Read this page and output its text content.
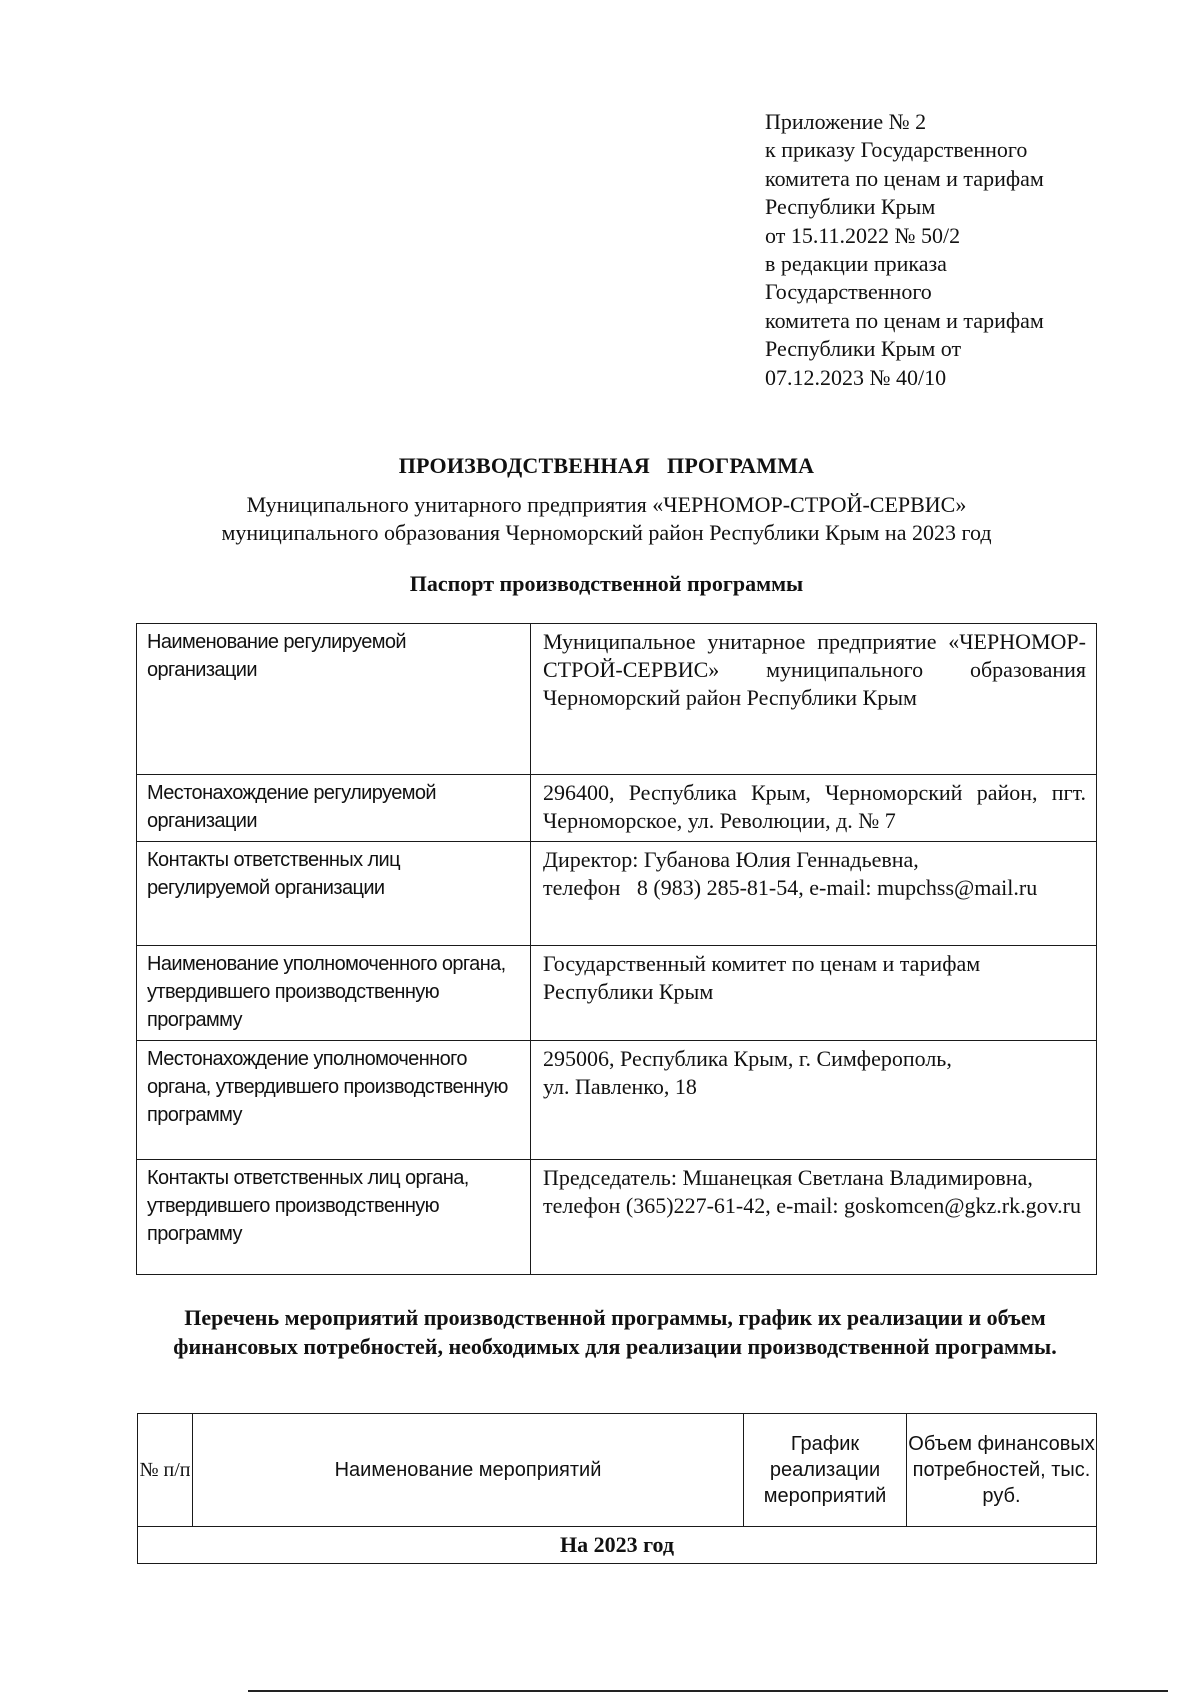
Приложение № 2
к приказу Государственного
комитета по ценам и тарифам
Республики Крым
от 15.11.2022 № 50/2
в редакции приказа
Государственного
комитета по ценам и тарифам
Республики Крым от
07.12.2023 № 40/10
ПРОИЗВОДСТВЕННАЯ   ПРОГРАММА
Муниципального унитарного предприятия «ЧЕРНОМОР-СТРОЙ-СЕРВИС»
муниципального образования Черноморский район Республики Крым на 2023 год
Паспорт производственной программы
Наименование регулируемой организации	Муниципальное унитарное предприятие «ЧЕРНОМОР-СТРОЙ-СЕРВИС» муниципального образования Черноморский район Республики Крым
Местонахождение регулируемой организации	296400, Республика Крым, Черноморский район, пгт. Черноморское, ул. Революции, д. № 7
Контакты ответственных лиц регулируемой организации	Директор: Губанова Юлия Геннадьевна,
телефон   8 (983) 285-81-54, e-mail: mupchss@mail.ru

Наименование уполномоченного органа, утвердившего производственную программу	Государственный комитет по ценам и тарифам Республики Крым
Местонахождение уполномоченного органа, утвердившего производственную программу	295006, Республика Крым, г. Симферополь,
ул. Павленко, 18

Контакты ответственных лиц органа, утвердившего производственную программу	Председатель: Мшанецкая Светлана Владимировна, телефон (365)227-61-42, e-mail: goskomcen@gkz.rk.gov.ru
Перечень мероприятий производственной программы, график их реализации и объем финансовых потребностей, необходимых для реализации производственной программы.
№ п/п	Наименование мероприятий	График реализации мероприятий	Объем финансовых потребностей, тыс. руб.
На 2023 год
